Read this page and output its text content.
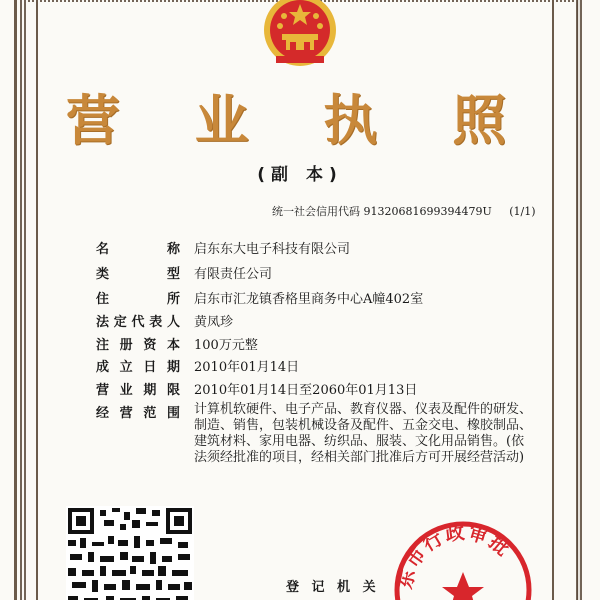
营 业 执 照
(副 本)
统一社会信用代码 91320681699394479U (1/1)
名称 启东东大电子科技有限公司
类型 有限责任公司
住所 启东市汇龙镇香格里商务中心A幢402室
法定代表人 黄凤珍
注册资本 100万元整
成立日期 2010年01月14日
营业期限 2010年01月14日至2060年01月13日
经营范围 计算机软硬件、电子产品、教育仪器、仪表及配件的研发、制造、销售，包装机械设备及配件、五金交电、橡胶制品、建筑材料、家用电器、纺织品、服装、文化用品销售。(依法须经批准的项目，经相关部门批准后方可开展经营活动)
登 记 机 关 东市行政审批
